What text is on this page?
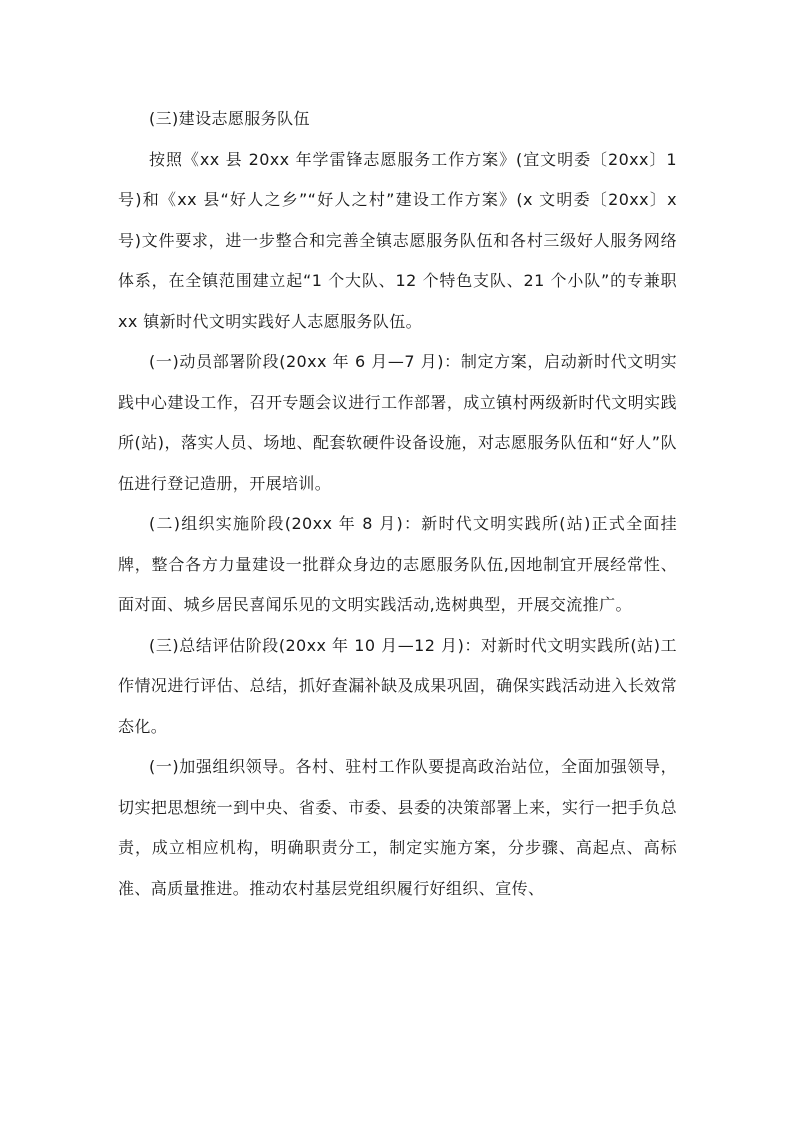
(三)建设志愿服务队伍

按照《xx 县 20xx 年学雷锋志愿服务工作方案》(宜文明委〔20xx〕1 号)和《xx 县“好人之乡”“好人之村”建设工作方案》(x 文明委〔20xx〕x 号)文件要求，进一步整合和完善全镇志愿服务队伍和各村三级好人服务网络体系，在全镇范围建立起“1 个大队、12 个特色支队、21 个小队”的专兼职 xx 镇新时代文明实践好人志愿服务队伍。

(一)动员部署阶段(20xx 年 6 月—7 月)：制定方案，启动新时代文明实践中心建设工作，召开专题会议进行工作部署，成立镇村两级新时代文明实践所(站)，落实人员、场地、配套软硬件设备设施，对志愿服务队伍和“好人”队伍进行登记造册，开展培训。

(二)组织实施阶段(20xx 年 8 月)：新时代文明实践所(站)正式全面挂牌，整合各方力量建设一批群众身边的志愿服务队伍,因地制宜开展经常性、面对面、城乡居民喜闻乐见的文明实践活动,选树典型，开展交流推广。

(三)总结评估阶段(20xx 年 10 月—12 月)：对新时代文明实践所(站)工作情况进行评估、总结，抓好查漏补缺及成果巩固，确保实践活动进入长效常态化。

(一)加强组织领导。各村、驻村工作队要提高政治站位，全面加强领导，切实把思想统一到中央、省委、市委、县委的决策部署上来，实行一把手负总责，成立相应机构，明确职责分工，制定实施方案，分步骤、高起点、高标准、高质量推进。推动农村基层党组织履行好组织、宣传、
